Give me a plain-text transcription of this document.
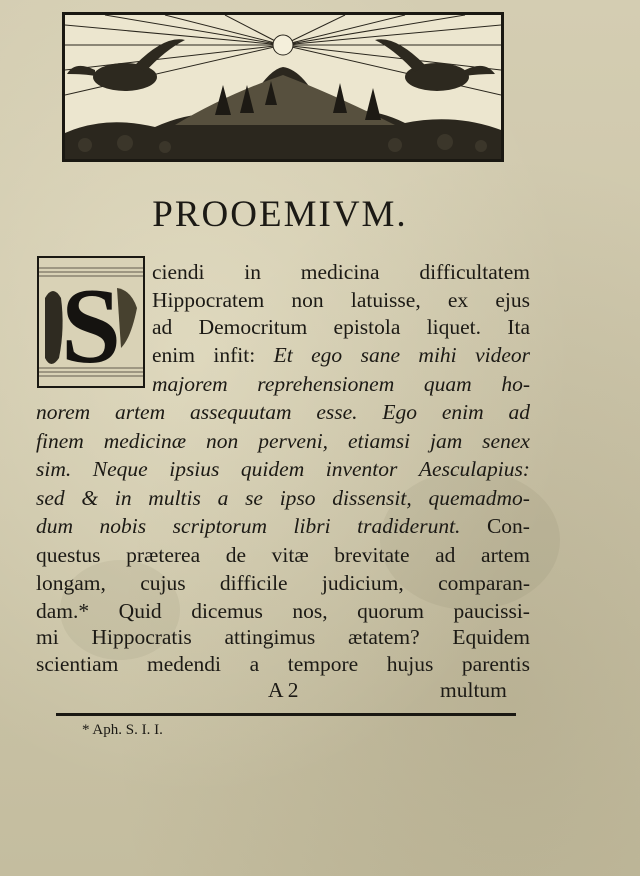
PROOEMIVM.
S ciendi in medicina difficultatem
Hippocratem non latuisse, ex ejus
ad Democritum epistola liquet. Ita
enim infit: Et ego sane mihi videor
majorem reprehensionem quam ho-
norem artem assequutam esse. Ego enim ad
finem medicinæ non perveni, etiamsi jam senex
sim. Neque ipsius quidem inventor Aesculapius:
sed & in multis a se ipso dissensit, quemadmo-
dum nobis scriptorum libri tradiderunt. Con-
questus præterea de vitæ brevitate ad artem
longam, cujus difficile judicium, comparan-
dam.* Quid dicemus nos, quorum paucissi-
mi Hippocratis attingimus ætatem? Equidem
scientiam medendi a tempore hujus parentis
A 2	multum
* Aph. S. I. I.
